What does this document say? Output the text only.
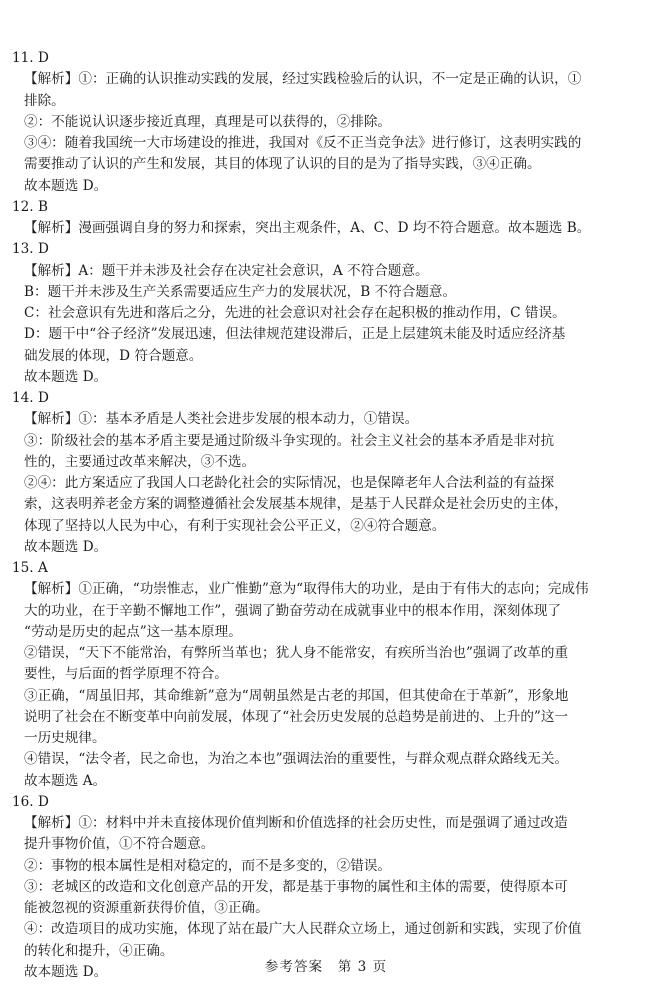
11. D
【解析】①：正确的认识推动实践的发展，经过实践检验后的认识，不一定是正确的认识，①
排除。
②：不能说认识逐步接近真理，真理是可以获得的，②排除。
③④：随着我国统一大市场建设的推进，我国对《反不正当竞争法》进行修订，这表明实践的
需要推动了认识的产生和发展，其目的体现了认识的目的是为了指导实践，③④正确。
故本题选 D。
12. B
【解析】漫画强调自身的努力和探索，突出主观条件，A、C、D 均不符合题意。故本题选 B。
13. D
【解析】A：题干并未涉及社会存在决定社会意识，A 不符合题意。
B：题干并未涉及生产关系需要适应生产力的发展状况，B 不符合题意。
C：社会意识有先进和落后之分，先进的社会意识对社会存在起积极的推动作用，C 错误。
D：题干中“谷子经济”发展迅速，但法律规范建设滞后，正是上层建筑未能及时适应经济基
础发展的体现，D 符合题意。
故本题选 D。
14. D
【解析】①：基本矛盾是人类社会进步发展的根本动力，①错误。
③：阶级社会的基本矛盾主要是通过阶级斗争实现的。社会主义社会的基本矛盾是非对抗
性的，主要通过改革来解决，③不选。
②④：此方案适应了我国人口老龄化社会的实际情况，也是保障老年人合法利益的有益探
索，这表明养老金方案的调整遵循社会发展基本规律，是基于人民群众是社会历史的主体，
体现了坚持以人民为中心，有利于实现社会公平正义，②④符合题意。
故本题选 D。
15. A
【解析】①正确，“功崇惟志，业广惟勤”意为“取得伟大的功业，是由于有伟大的志向；完成伟
大的功业，在于辛勤不懈地工作”，强调了勤奋劳动在成就事业中的根本作用，深刻体现了
“劳动是历史的起点”这一基本原理。
②错误，“天下不能常治，有弊所当革也；犹人身不能常安，有疾所当治也”强调了改革的重
要性，与后面的哲学原理不符合。
③正确，“周虽旧邦，其命维新”意为“周朝虽然是古老的邦国，但其使命在于革新”，形象地
说明了社会在不断变革中向前发展，体现了“社会历史发展的总趋势是前进的、上升的”这一
一历史规律。
④错误，“法令者，民之命也，为治之本也”强调法治的重要性，与群众观点群众路线无关。
故本题选 A。
16. D
【解析】①：材料中并未直接体现价值判断和价值选择的社会历史性，而是强调了通过改造
提升事物价值，①不符合题意。
②：事物的根本属性是相对稳定的，而不是多变的，②错误。
③：老城区的改造和文化创意产品的开发，都是基于事物的属性和主体的需要，使得原本可
能被忽视的资源重新获得价值，③正确。
④：改造项目的成功实施，体现了站在最广大人民群众立场上，通过创新和实践，实现了价值
的转化和提升，④正确。
故本题选 D。	参考答案　第 3 页
